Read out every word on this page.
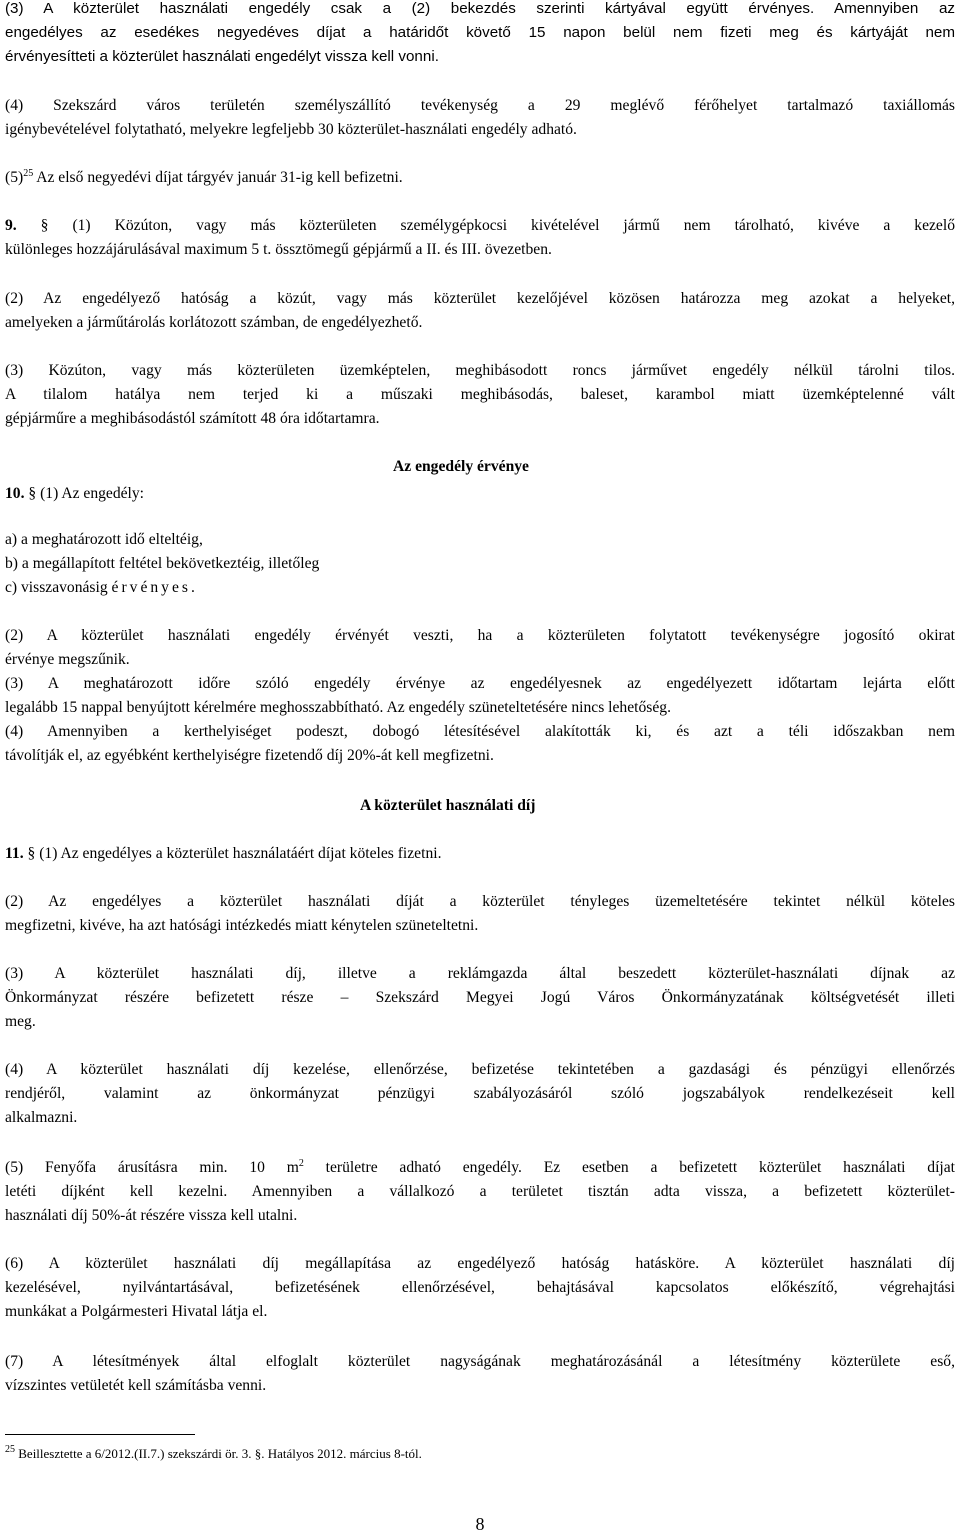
(3) A közterület használati engedély csak a (2) bekezdés szerinti kártyával együtt érvényes. Amennyiben az

engedélyes az esedékes negyedéves díjat a határidőt követő 15 napon belül nem fizeti meg és kártyáját nem

érvényesítteti a közterület használati engedélyt vissza kell vonni.

(4) Szekszárd város területén személyszállító tevékenység a 29 meglévő férőhelyet tartalmazó taxiállomás

igénybevételével folytatható, melyekre legfeljebb 30 közterület-használati engedély adható.

$(5)^{25}$ Az első negyedévi díjat tárgyév január 31-ig kell befizetni.

9. § (1) Közúton, vagy más közterületen személygépkocsi kivételével jármű nem tárolható, kivéve a kezelő

különleges hozzájárulásával maximum 5 t. össztömegű gépjármű a II. és III. övezetben.

(2) Az engedélyező hatóság a közút, vagy más közterület kezelőjével közösen határozza meg azokat a helyeket,

amelyeken a járműtárolás korlátozott számban, de engedélyezhető.

(3) Közúton, vagy más közterületen üzemképtelen, meghibásodott roncs járművet engedély nélkül tárolni tilos.

A tilalom hatálya nem terjed ki a műszaki meghibásodás, baleset, karambol miatt üzemképtelenné vált

gépjárműre a meghibásodástól számított 48 óra időtartamra.

Az engedély érvénye

10. § (1) Az engedély:

a) a meghatározott idő elteltéig,

b) a megállapított feltétel bekövetkeztéig, illetőleg

c) visszavonásig érvényes.

(2) A közterület használati engedély érvényét veszti, ha a közterületen folytatott tevékenységre jogosító okirat

érvénye megszűnik.

(3) A meghatározott időre szóló engedély érvénye az engedélyesnek az engedélyezett időtartam lejárta előtt

legalább 15 nappal benyújtott kérelmére meghosszabbítható. Az engedély szüneteltetésére nincs lehetőség.

(4) Amennyiben a kerthelyiséget podeszt, dobogó létesítésével alakították ki, és azt a téli időszakban nem

távolítják el, az egyébként kerthelyiségre fizetendő díj 20%-át kell megfizetni.

A közterület használati díj

11. § (1) Az engedélyes a közterület használatáért díjat köteles fizetni.

(2) Az engedélyes a közterület használati díját a közterület tényleges üzemeltetésére tekintet nélkül köteles

megfizetni, kivéve, ha azt hatósági intézkedés miatt kénytelen szüneteltetni.

(3) A közterület használati díj, illetve a reklámgazda által beszedett közterület-használati díjnak az

Önkormányzat részére befizetett része – Szekszárd Megyei Jogú Város Önkormányzatának költségvetését illeti

meg.

(4) A közterület használati díj kezelése, ellenőrzése, befizetése tekintetében a gazdasági és pénzügyi ellenőrzés

rendjéről, valamint az önkormányzat pénzügyi szabályozásáról szóló jogszabályok rendelkezéseit kell

alkalmazni.

(5) Fenyőfa árusításra min. 10 $m^2$ területre adható engedély. Ez esetben a befizetett közterület használati díjat

letéti díjként kell kezelni. Amennyiben a vállalkozó a területet tisztán adta vissza, a befizetett közterület-

használati díj 50%-át részére vissza kell utalni.

(6) A közterület használati díj megállapítása az engedélyező hatóság hatásköre. A közterület használati díj

kezelésével, nyilvántartásával, befizetésének ellenőrzésével, behajtásával kapcsolatos előkészítő, végrehajtási

munkákat a Polgármesteri Hivatal látja el.

(7) A létesítmények által elfoglalt közterület nagyságának meghatározásánál a létesítmény közterülete eső,

vízszintes vetületét kell számításba venni.

$^{25}$ Beillesztette a 6/2012.(II.7.) szekszárdi ör. 3. §. Hatályos 2012. március 8-tól.

8
